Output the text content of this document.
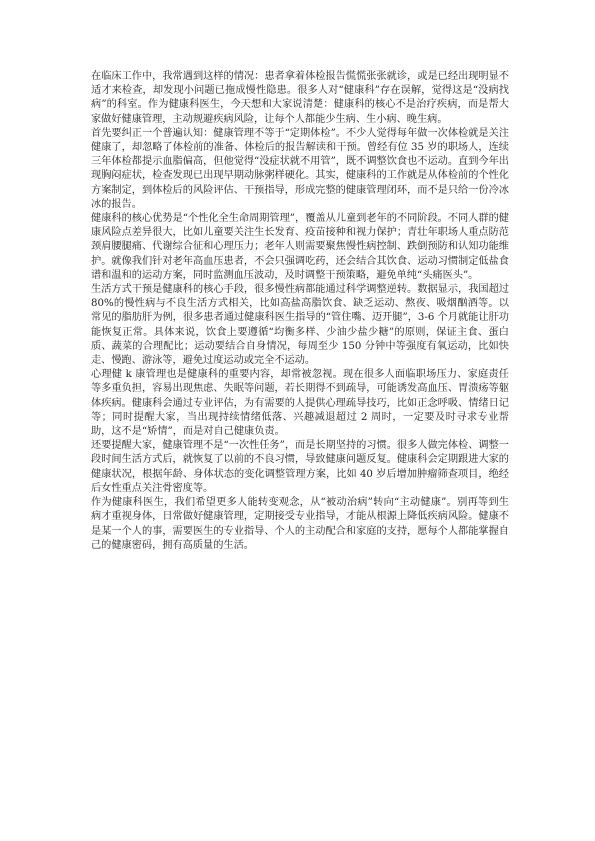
在临床工作中，我常遇到这样的情况：患者拿着体检报告慌慌张张就诊，或是已经出现明显不适才来检查，却发现小问题已拖成慢性隐患。很多人对“健康科”存在误解，觉得这是“没病找病”的科室。作为健康科医生，今天想和大家说清楚：健康科的核心不是治疗疾病，而是帮大家做好健康管理，主动规避疾病风险，让每个人都能少生病、生小病、晚生病。

首先要纠正一个普遍认知：健康管理不等于“定期体检”。不少人觉得每年做一次体检就是关注健康了，却忽略了体检前的准备、体检后的报告解读和干预。曾经有位 35 岁的职场人，连续三年体检都提示血脂偏高，但他觉得“没症状就不用管”，既不调整饮食也不运动。直到今年出现胸闷症状，检查发现已出现早期动脉粥样硬化。其实，健康科的工作就是从体检前的个性化方案制定，到体检后的风险评估、干预指导，形成完整的健康管理闭环，而不是只给一份冷冰冰的报告。

健康科的核心优势是“个性化全生命周期管理”，覆盖从儿童到老年的不同阶段。不同人群的健康风险点差异很大，比如儿童要关注生长发育、疫苗接种和视力保护；青壮年职场人重点防范颈肩腰腿痛、代谢综合征和心理压力；老年人则需要聚焦慢性病控制、跌倒预防和认知功能维护。就像我们针对老年高血压患者，不会只强调吃药，还会结合其饮食、运动习惯制定低盐食谱和温和的运动方案，同时监测血压波动，及时调整干预策略，避免单纯“头痛医头”。

生活方式干预是健康科的核心手段，很多慢性病都能通过科学调整逆转。数据显示，我国超过 80%的慢性病与不良生活方式相关，比如高盐高脂饮食、缺乏运动、熬夜、吸烟酗酒等。以常见的脂肪肝为例，很多患者通过健康科医生指导的“管住嘴、迈开腿”，3-6 个月就能让肝功能恢复正常。具体来说，饮食上要遵循“均衡多样、少油少盐少糖”的原则，保证主食、蛋白质、蔬菜的合理配比；运动要结合自身情况，每周至少 150 分钟中等强度有氧运动，比如快走、慢跑、游泳等，避免过度运动或完全不运动。

心理健 k 康管理也是健康科的重要内容，却常被忽视。现在很多人面临职场压力、家庭责任等多重负担，容易出现焦虑、失眠等问题，若长期得不到疏导，可能诱发高血压、胃溃疡等躯体疾病。健康科会通过专业评估，为有需要的人提供心理疏导技巧，比如正念呼吸、情绪日记等；同时提醒大家，当出现持续情绪低落、兴趣减退超过 2 周时，一定要及时寻求专业帮助，这不是“矫情”，而是对自己健康负责。

还要提醒大家，健康管理不是“一次性任务”，而是长期坚持的习惯。很多人做完体检、调整一段时间生活方式后，就恢复了以前的不良习惯，导致健康问题反复。健康科会定期跟进大家的健康状况，根据年龄、身体状态的变化调整管理方案，比如 40 岁后增加肿瘤筛查项目，绝经后女性重点关注骨密度等。

作为健康科医生，我们希望更多人能转变观念，从“被动治病”转向“主动健康”。别再等到生病才重视身体，日常做好健康管理，定期接受专业指导，才能从根源上降低疾病风险。健康不是某一个人的事，需要医生的专业指导、个人的主动配合和家庭的支持，愿每个人都能掌握自己的健康密码，拥有高质量的生活。
